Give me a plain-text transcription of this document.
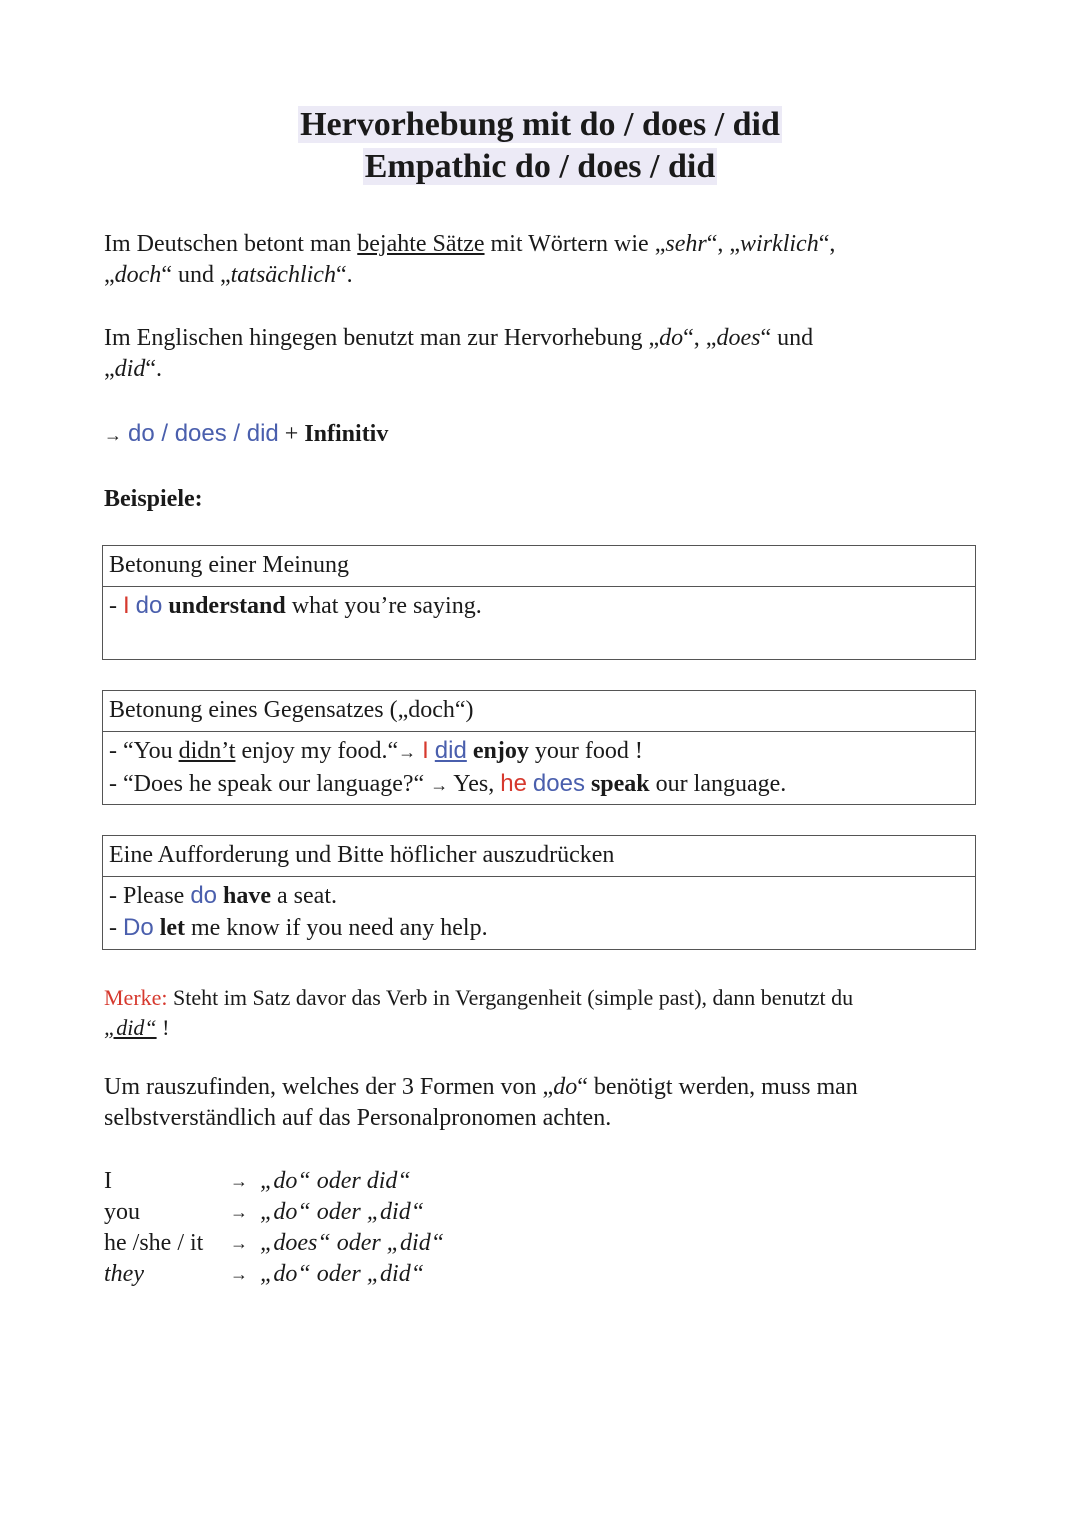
Hervorhebung mit do / does / did
Empathic do / does / did
Im Deutschen betont man bejahte Sätze mit Wörtern wie „sehr“, „wirklich“,
„doch“ und „tatsächlich“.
Im Englischen hingegen benutzt man zur Hervorhebung „do“, „does“ und
„did“.
→ do / does / did + Infinitiv
Beispiele:
Betonung einer Meinung
- I do understand what you’re saying.
Betonung eines Gegensatzes („doch“)
- “You didn’t enjoy my food.“→ I did enjoy your food !
- “Does he speak our language?“ → Yes, he does speak our language.
Eine Aufforderung und Bitte höflicher auszudrücken
- Please do have a seat.
- Do let me know if you need any help.
Merke: Steht im Satz davor das Verb in Vergangenheit (simple past), dann benutzt du
„did“ !
Um rauszufinden, welches der 3 Formen von „do“ benötigt werden, muss man selbstverständlich auf das Personalpronomen achten.
I	→ „do“ oder did“
you	→ „do“ oder „did“
he /she / it → „does“ oder „did“
they	→ „do“ oder „did“
